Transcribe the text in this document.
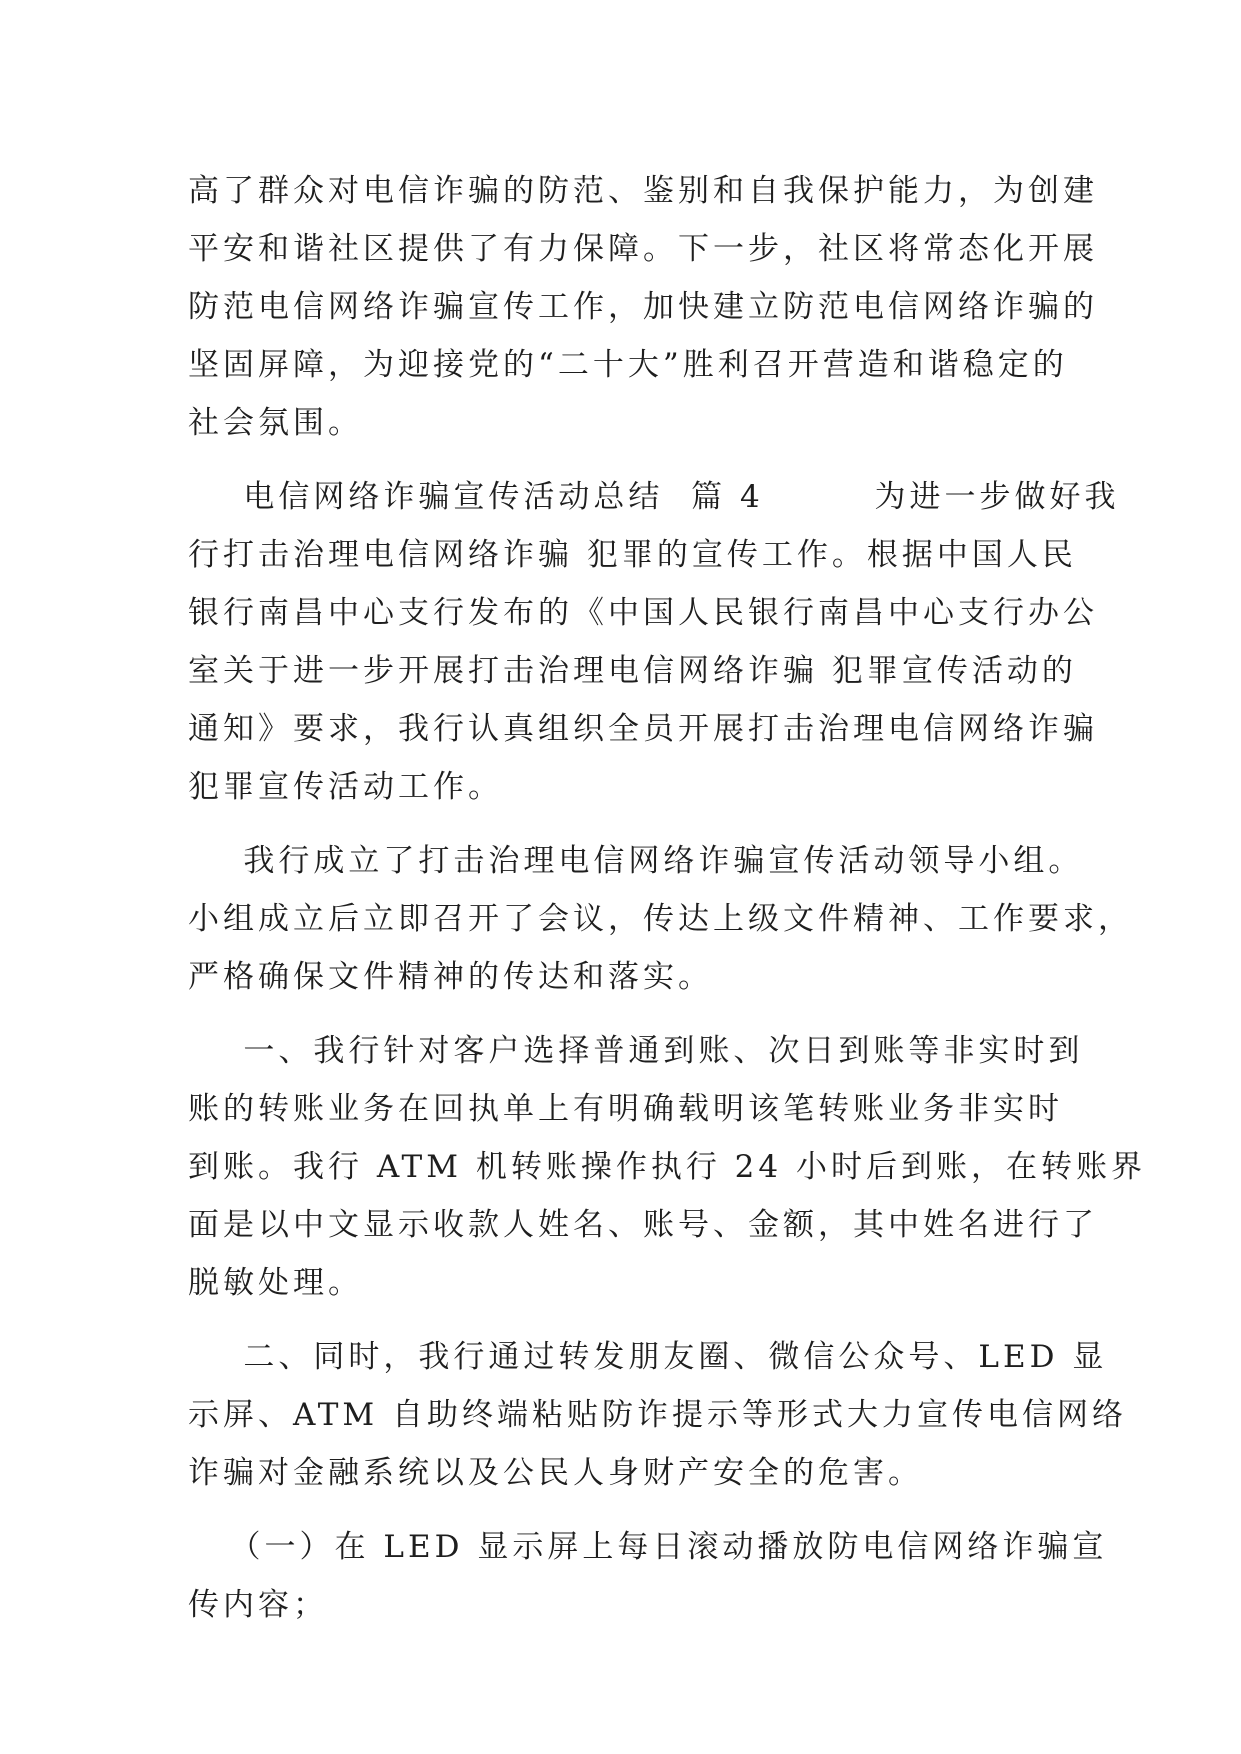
高了群众对电信诈骗的防范、鉴别和自我保护能力，为创建
平安和谐社区提供了有力保障。下一步，社区将常态化开展
防范电信网络诈骗宣传工作，加快建立防范电信网络诈骗的
坚固屏障，为迎接党的“二十大”胜利召开营造和谐稳定的
社会氛围。
电信网络诈骗宣传活动总结  篇 4        为进一步做好我
行打击治理电信网络诈骗 犯罪的宣传工作。根据中国人民
银行南昌中心支行发布的《中国人民银行南昌中心支行办公
室关于进一步开展打击治理电信网络诈骗 犯罪宣传活动的
通知》要求，我行认真组织全员开展打击治理电信网络诈骗
犯罪宣传活动工作。
我行成立了打击治理电信网络诈骗宣传活动领导小组。
小组成立后立即召开了会议，传达上级文件精神、工作要求，
严格确保文件精神的传达和落实。
一、我行针对客户选择普通到账、次日到账等非实时到
账的转账业务在回执单上有明确载明该笔转账业务非实时
到账。我行 ATM 机转账操作执行 24 小时后到账，在转账界
面是以中文显示收款人姓名、账号、金额，其中姓名进行了
脱敏处理。
二、同时，我行通过转发朋友圈、微信公众号、LED 显
示屏、ATM 自助终端粘贴防诈提示等形式大力宣传电信网络
诈骗对金融系统以及公民人身财产安全的危害。
（一）在 LED 显示屏上每日滚动播放防电信网络诈骗宣
传内容；
